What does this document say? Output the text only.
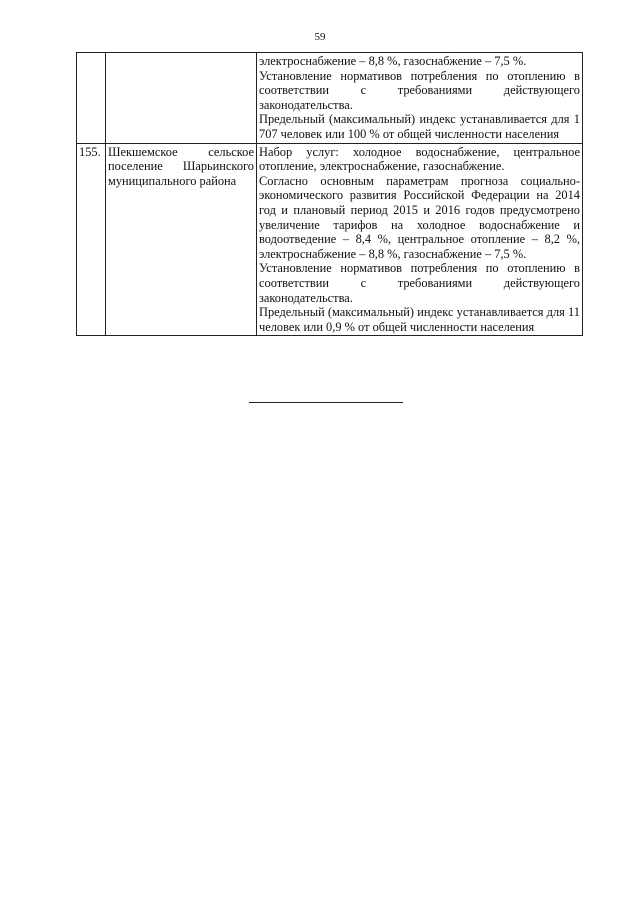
59

		электроснабжение – 8,8 %, газоснабжение – 7,5 %.

Установление нормативов потребления по отоплению в соответствии с требованиями действующего законодательства.

Предельный (максимальный) индекс устанавливается для 1 707 человек или 100 % от общей численности населения

155.	Шекшемское сельское поселение Шарьинского муниципального района	Набор услуг: холодное водоснабжение, центральное отопление, электроснабжение, газоснабжение.

Согласно основным параметрам прогноза социально-экономического развития Российской Федерации на 2014 год и плановый период 2015 и 2016 годов предусмотрено увеличение тарифов на холодное водоснабжение и водоотведение – 8,4 %, центральное отопление – 8,2 %, электроснабжение – 8,8 %, газоснабжение – 7,5 %.

Установление нормативов потребления по отоплению в соответствии с требованиями действующего законодательства.

Предельный (максимальный) индекс устанавливается для 11 человек или 0,9 % от общей численности населения
